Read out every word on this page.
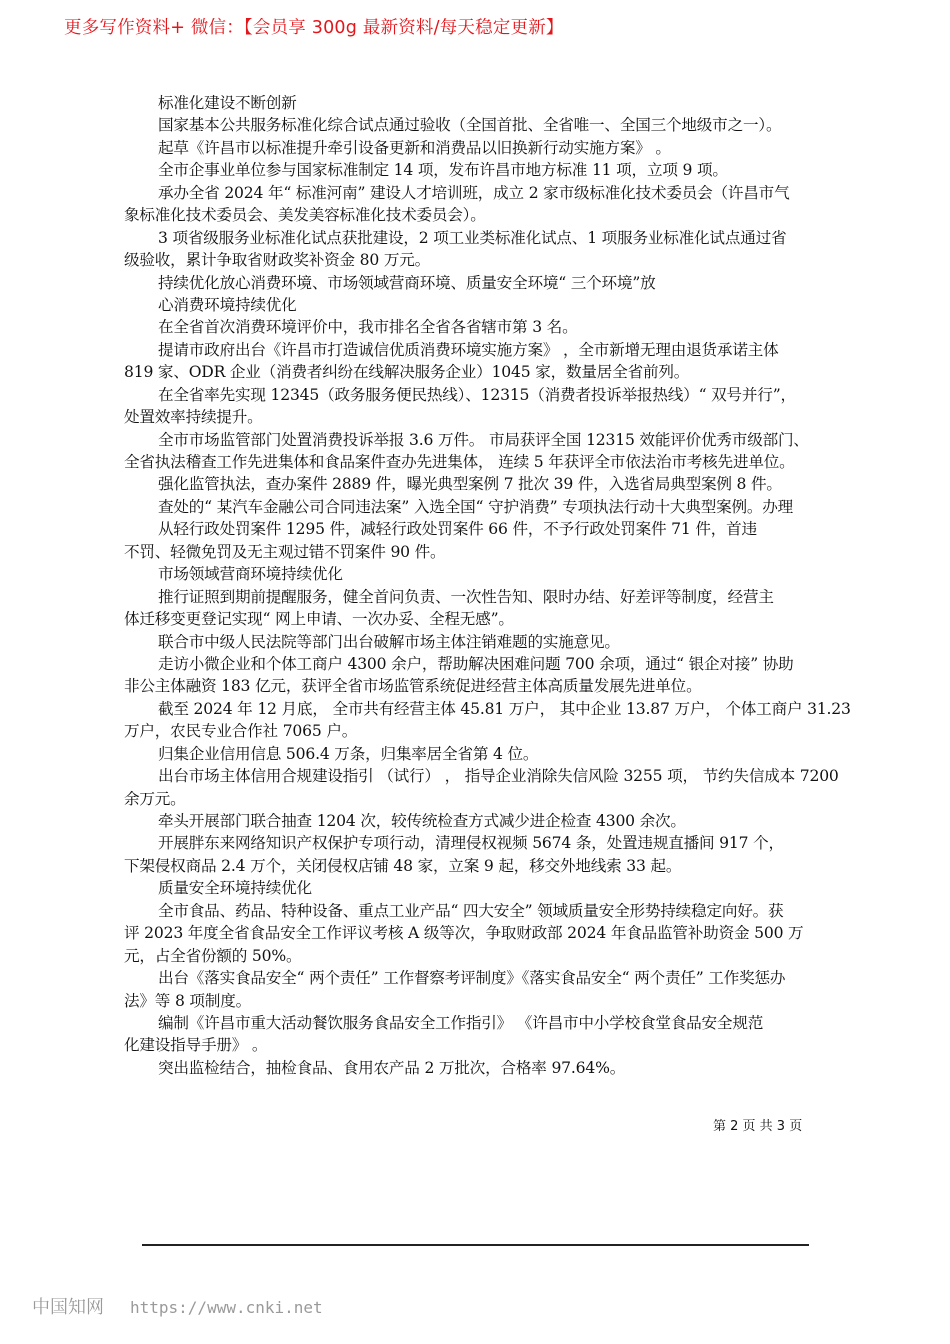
更多写作资料+ 微信：【会员享 300g 最新资料/每天稳定更新】
标准化建设不断创新
国家基本公共服务标准化综合试点通过验收（全国首批、全省唯一、全国三个地级市之一）。
起草《许昌市以标准提升牵引设备更新和消费品以旧换新行动实施方案》 。
全市企事业单位参与国家标准制定 14 项，发布许昌市地方标准 11 项，立项 9 项。
承办全省 2024 年“ 标准河南” 建设人才培训班，成立 2 家市级标准化技术委员会（许昌市气
象标准化技术委员会、美发美容标准化技术委员会）。
3 项省级服务业标准化试点获批建设，2 项工业类标准化试点、1 项服务业标准化试点通过省
级验收，累计争取省财政奖补资金 80 万元。
持续优化放心消费环境、市场领域营商环境、质量安全环境“ 三个环境”放
心消费环境持续优化
在全省首次消费环境评价中，我市排名全省各省辖市第 3 名。
提请市政府出台《许昌市打造诚信优质消费环境实施方案》 ，全市新增无理由退货承诺主体
819 家、ODR 企业（消费者纠纷在线解决服务企业）1045 家，数量居全省前列。
在全省率先实现 12345（政务服务便民热线）、12315（消费者投诉举报热线）“ 双号并行”，
处置效率持续提升。
全市市场监管部门处置消费投诉举报 3.6 万件。 市局获评全国 12315 效能评价优秀市级部门、
全省执法稽查工作先进集体和食品案件查办先进集体， 连续 5 年获评全市依法治市考核先进单位。
强化监管执法，查办案件 2889 件，曝光典型案例 7 批次 39 件，入选省局典型案例 8 件。
查处的“ 某汽车金融公司合同违法案” 入选全国“ 守护消费” 专项执法行动十大典型案例。办理
从轻行政处罚案件 1295 件，减轻行政处罚案件 66 件，不予行政处罚案件 71 件，首违
不罚、轻微免罚及无主观过错不罚案件 90 件。
市场领域营商环境持续优化
推行证照到期前提醒服务，健全首问负责、一次性告知、限时办结、好差评等制度，经营主
体迁移变更登记实现“ 网上申请、一次办妥、全程无感”。
联合市中级人民法院等部门出台破解市场主体注销难题的实施意见。
走访小微企业和个体工商户 4300 余户，帮助解决困难问题 700 余项，通过“ 银企对接” 协助
非公主体融资 183 亿元，获评全省市场监管系统促进经营主体高质量发展先进单位。
截至 2024 年 12 月底， 全市共有经营主体 45.81 万户， 其中企业 13.87 万户， 个体工商户 31.23
万户，农民专业合作社 7065 户。
归集企业信用信息 506.4 万条，归集率居全省第 4 位。
出台市场主体信用合规建设指引 （试行） ， 指导企业消除失信风险 3255 项， 节约失信成本 7200
余万元。
牵头开展部门联合抽查 1204 次，较传统检查方式减少进企检查 4300 余次。
开展胖东来网络知识产权保护专项行动，清理侵权视频 5674 条，处置违规直播间 917 个，
下架侵权商品 2.4 万个，关闭侵权店铺 48 家，立案 9 起，移交外地线索 33 起。
质量安全环境持续优化
全市食品、药品、特种设备、重点工业产品“ 四大安全” 领域质量安全形势持续稳定向好。获
评 2023 年度全省食品安全工作评议考核 A 级等次，争取财政部 2024 年食品监管补助资金 500 万
元，占全省份额的 50%。
出台《落实食品安全“ 两个责任” 工作督察考评制度》《落实食品安全“ 两个责任” 工作奖惩办
法》等 8 项制度。
编制《许昌市重大活动餐饮服务食品安全工作指引》 《许昌市中小学校食堂食品安全规范
化建设指导手册》 。
突出监检结合，抽检食品、食用农产品 2 万批次，合格率 97.64%。
第 2 页 共 3 页
中国知网 https://www.cnki.net
